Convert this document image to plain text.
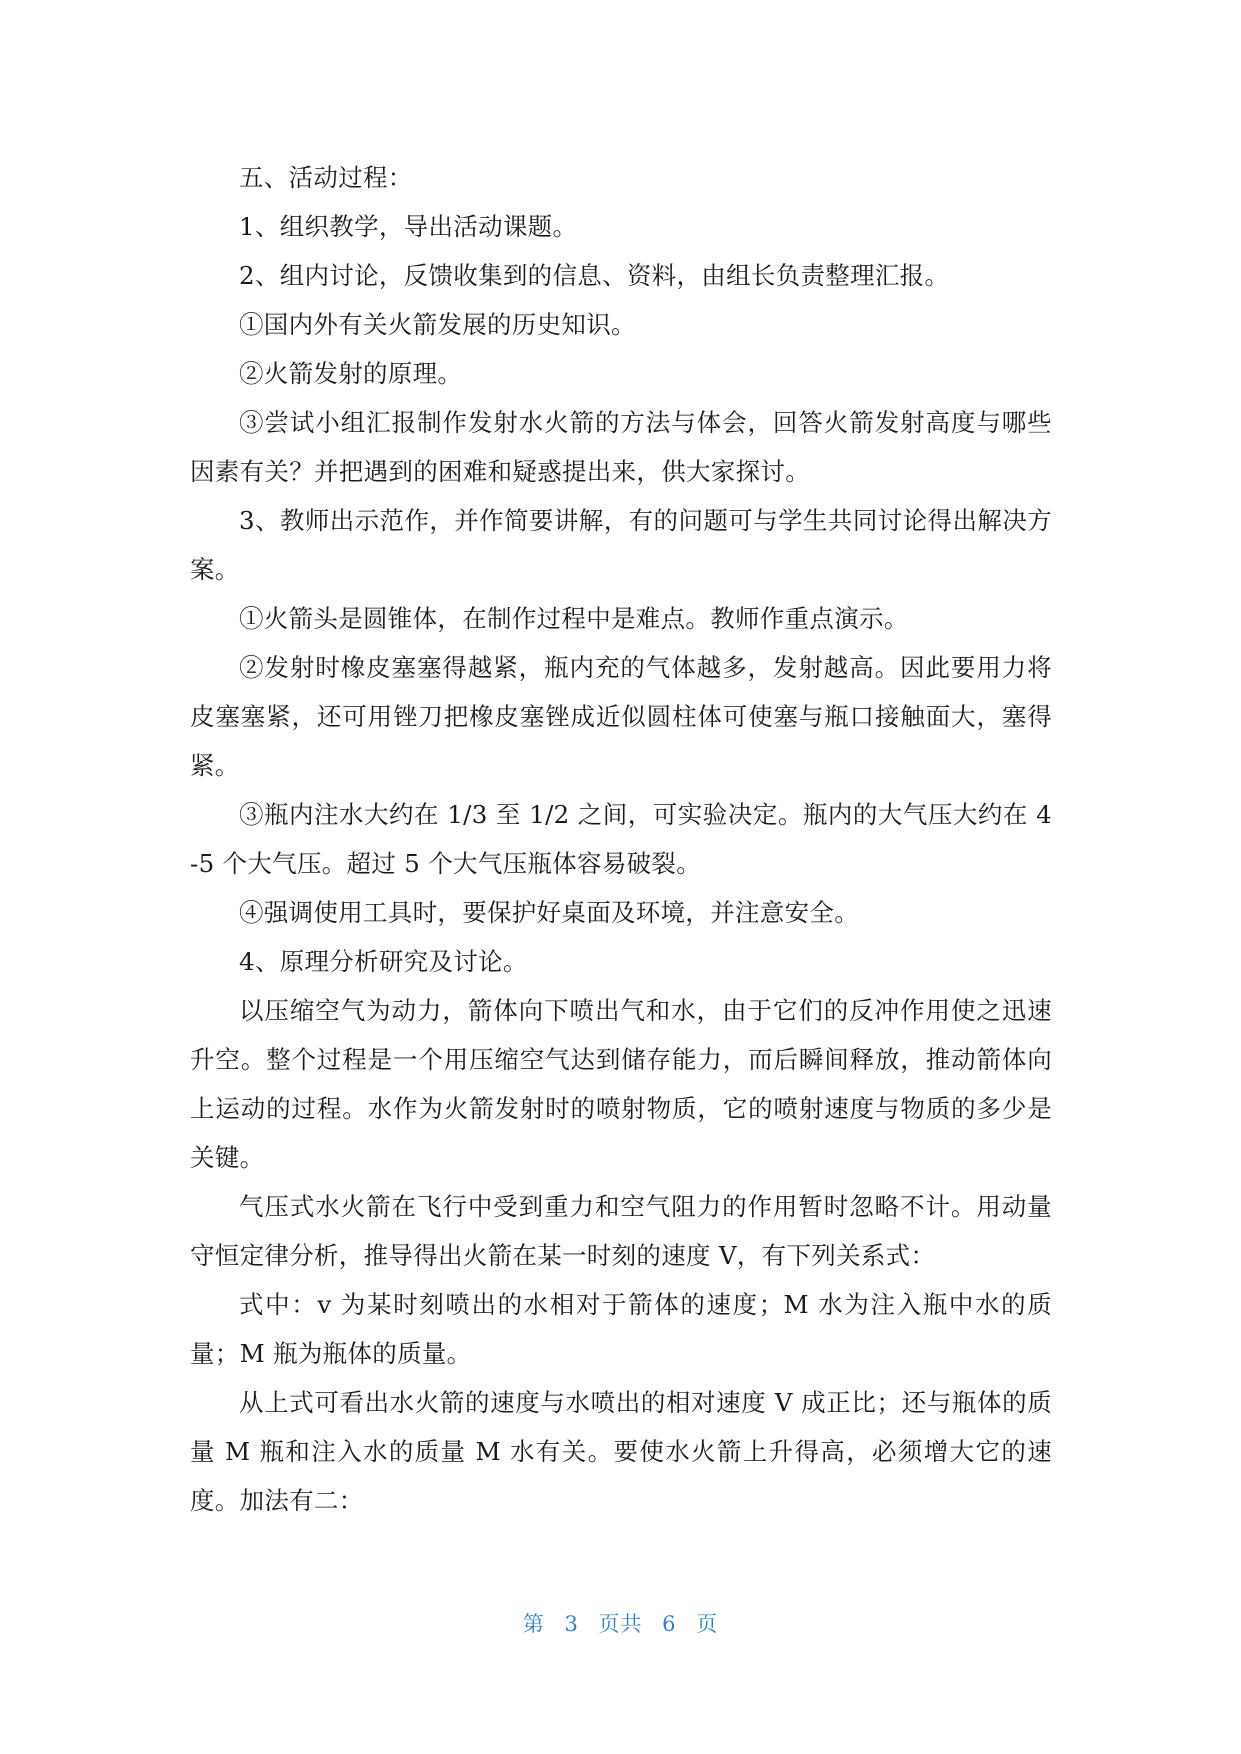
五、活动过程：

1、组织教学，导出活动课题。

2、组内讨论，反馈收集到的信息、资料，由组长负责整理汇报。

①国内外有关火箭发展的历史知识。

②火箭发射的原理。

③尝试小组汇报制作发射水火箭的方法与体会，回答火箭发射高度与哪些因素有关？并把遇到的困难和疑惑提出来，供大家探讨。

3、教师出示范作，并作简要讲解，有的问题可与学生共同讨论得出解决方案。

①火箭头是圆锥体，在制作过程中是难点。教师作重点演示。

②发射时橡皮塞塞得越紧，瓶内充的气体越多，发射越高。因此要用力将皮塞塞紧，还可用锉刀把橡皮塞锉成近似圆柱体可使塞与瓶口接触面大，塞得紧。

③瓶内注水大约在 1/3 至 1/2 之间，可实验决定。瓶内的大气压大约在 4-5 个大气压。超过 5 个大气压瓶体容易破裂。

④强调使用工具时，要保护好桌面及环境，并注意安全。

4、原理分析研究及讨论。

以压缩空气为动力，箭体向下喷出气和水，由于它们的反冲作用使之迅速升空。整个过程是一个用压缩空气达到储存能力，而后瞬间释放，推动箭体向上运动的过程。水作为火箭发射时的喷射物质，它的喷射速度与物质的多少是关键。

气压式水火箭在飞行中受到重力和空气阻力的作用暂时忽略不计。用动量守恒定律分析，推导得出火箭在某一时刻的速度 V，有下列关系式：

式中：v 为某时刻喷出的水相对于箭体的速度；M 水为注入瓶中水的质量；M 瓶为瓶体的质量。

从上式可看出水火箭的速度与水喷出的相对速度 V 成正比；还与瓶体的质量 M 瓶和注入水的质量 M 水有关。要使水火箭上升得高，必须增大它的速度。加法有二：

第 3 页共 6 页
